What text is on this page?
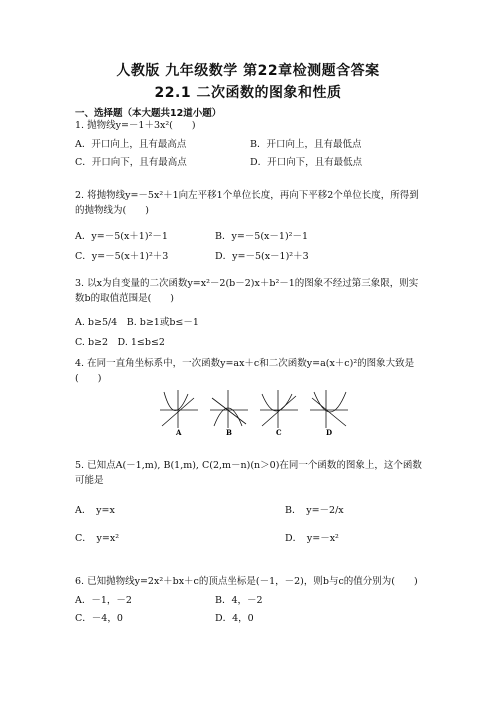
人教版 九年级数学 第22章检测题含答案
22.1 二次函数的图象和性质
一、选择题（本大题共12道小题）
1. 抛物线y=－1＋3x²(　　)
A．开口向上，且有最高点	B．开口向上，且有最低点
C．开口向下，且有最高点	D．开口向下，且有最低点
2. 将抛物线y=－5x²＋1向左平移1个单位长度，再向下平移2个单位长度，所得到的抛物线为(　　)
A．y=－5(x＋1)²－1	B．y=－5(x－1)²－1
C．y=－5(x＋1)²＋3	D．y=－5(x－1)²＋3
3. 以x为自变量的二次函数y=x²－2(b－2)x＋b²－1的图象不经过第三象限，则实数b的取值范围是(　　)
A. b≥5/4　B. b≥1或b≤－1
C. b≥2　D. 1≤b≤2
4. 在同一直角坐标系中，一次函数y=ax＋c和二次函数y=a(x＋c)²的图象大致是(　　)
A	B	C	D
5. 已知点A(－1,m), B(1,m), C(2,m－n)(n＞0)在同一个函数的图象上，这个函数可能是
A．　y=x	B．　y=－2/x
C．　y=x²	D．　y=－x²
6. 已知抛物线y=2x²＋bx＋c的顶点坐标是(－1，－2)，则b与c的值分别为(　　)
A．－1，－2	B．4，－2
C．－4，0	D．4，0
